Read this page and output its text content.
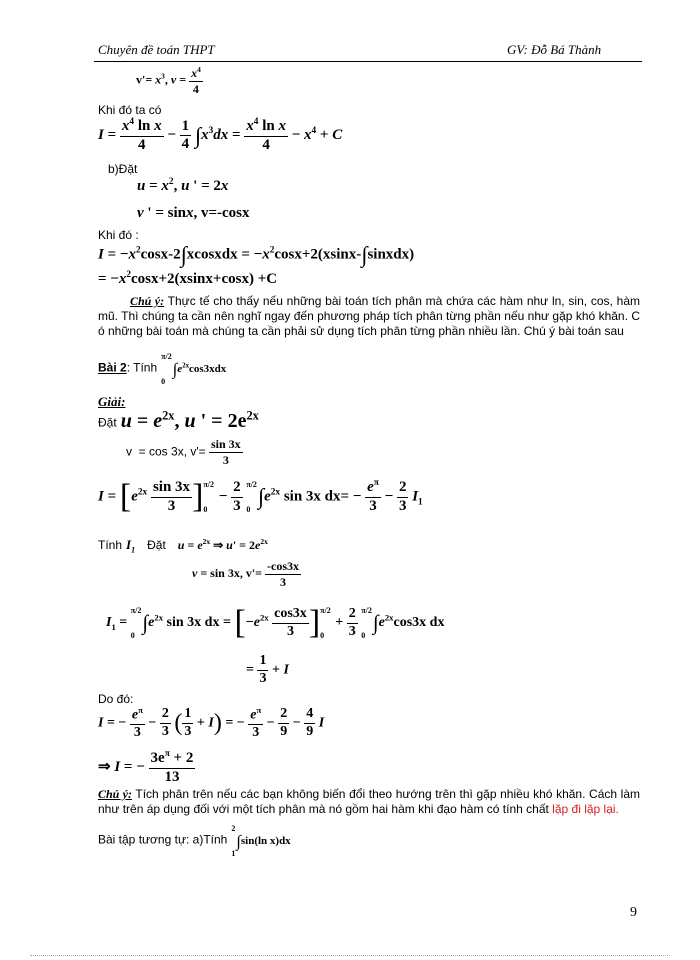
Chuyên đề toán THPT	GV: Đỗ Bá Thành
$v'= x^3$, $v = \frac{x^4}{4}$
Khi đó ta có
$I = \frac{x^4 \ln x}{4} - \frac{1}{4} \int x^3dx = \frac{x^4 \ln x}{4} - x^4 + C$
b)Đặt
$u = x^2$, u ' = 2x
v ' = sinx, v=-cosx
Khi đó :
$I = -x^2\cos x-2\int xcosxdx$ = $-x^2\cos x+2(xsinx-\int sinxdx)$
= $-x^2\cos x+2(xsinx+\cos x) +C$
Chú ý: Thực tế cho thấy nếu những bài toán tích phân mà chứa các hàm như ln, sin, cos, hàm mũ. Thì chúng ta cần nên nghĩ ngay đến phương pháp tích phân từng phần nếu như gặp khó khăn. C ó những bài toán mà chúng ta cần phải sử dụng tích phân từng phần nhiều lần. Chú ý bài toán sau
Bài 2: Tính
π/2
0
$\int e^{2x}\cos 3xdx$
Giải:
Đặt $u = e^{2x}$, u ' = $2e^{2x}$
v  = cos 3x, $v'= \frac{\sin 3x}{3}$
$I = [e^{2x} \frac{\sin 3x}{3}$ ] π/2
0
− $\frac{2}{3}$
π/2
0
$\int e^{2x}$ sin 3x $dx= - \frac{e^\pi}{3} - \frac{2}{3} I_1$
Tính $I_1$ Đặt $u = e^{2x}$ ⇒ $u' = 2e^{2x}$
v = sin 3x, $v'= \frac{-\cos 3x}{3}$
$I_1$ =
π/2
0
$\int e^{2x}$ sin 3x dx = [$-e^{2x} \frac{\cos 3x}{3}$ ] π/2
0
+ $\frac{2}{3}$
π/2
0
$\int e^{2x}\cos 3x$ dx
= $\frac{1}{3} + I$
Do đó:
I = − $\frac{e^\pi}{3} - \frac{2}{3}$ ( $\frac{1}{3} + I$) = − $\frac{e^\pi}{3} - \frac{2}{9} - \frac{4}{9}$ I
⇒ I = − $\frac{3e^\pi + 2}{13}$
Chú ý: Tích phân trên nếu các bạn không biến đổi theo hướng trên thì gặp nhiều khó khăn. Cách làm như trên áp dụng đối với một tích phân mà nó gồm hai hàm khi đạo hàm có tính chất lặp đi lặp lại.
Bài tập tương tự: a)Tính
2
1
∫sin(ln x)dx
9
